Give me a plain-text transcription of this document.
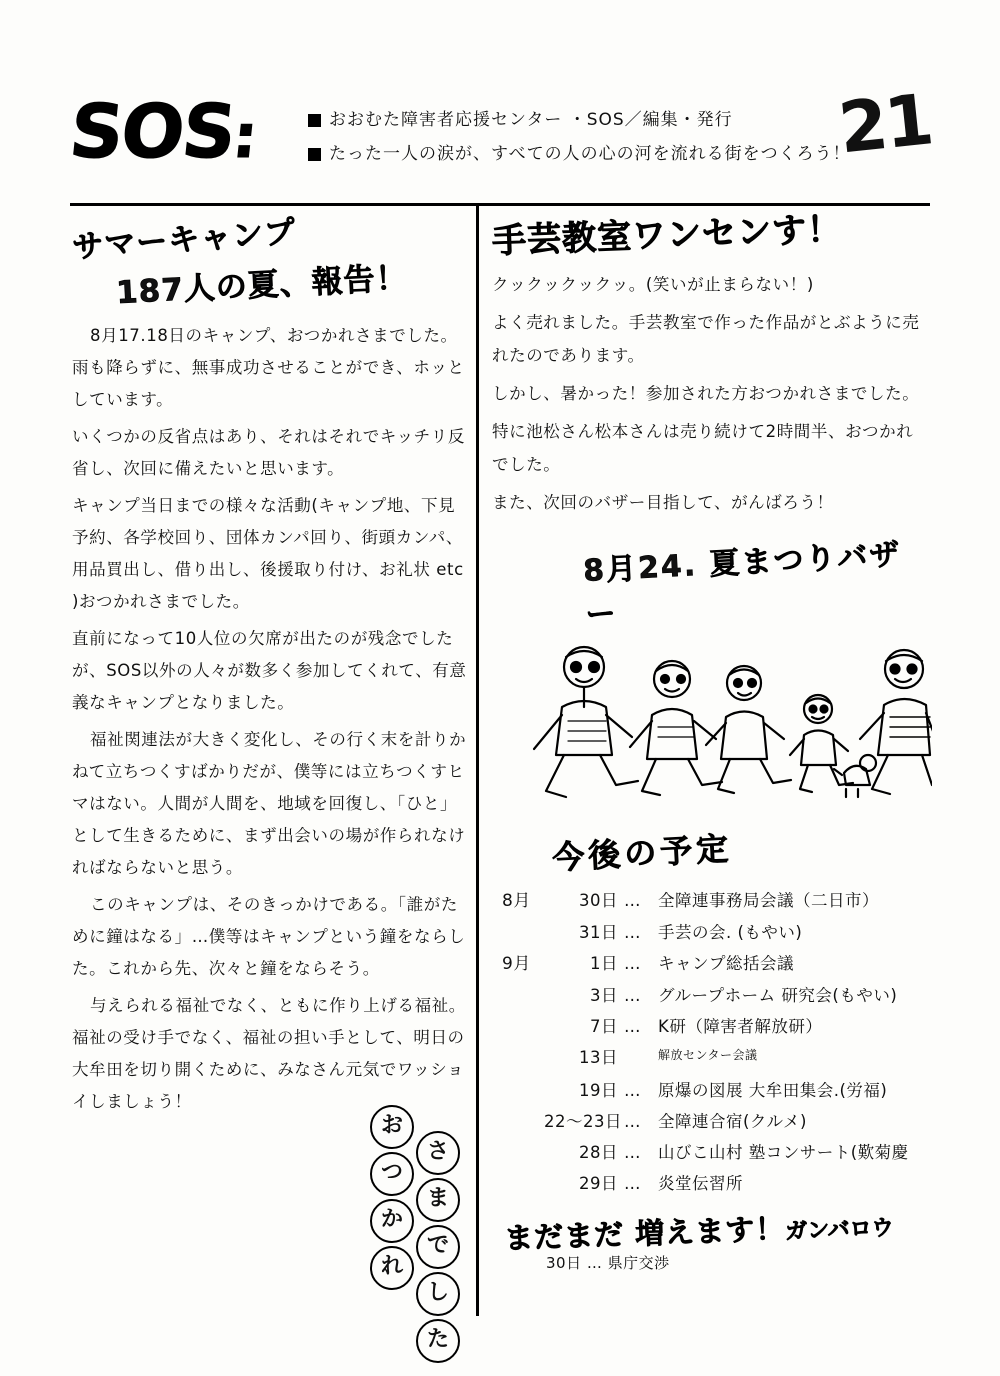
SOS:	おおむた障害者応援センター ・SOS／編集・発行
たった一人の涙が、すべての人の心の河を流れる街をつくろう！
21
サマーキャンプ
187人の夏、報告！

8月17.18日のキャンプ、おつかれさまでした。雨も降らずに、無事成功させることができ、ホッとしています。

いくつかの反省点はあり、それはそれでキッチリ反省し、次回に備えたいと思います。

キャンプ当日までの様々な活動(キャンプ地、下見予約、各学校回り、団体カンパ回り、街頭カンパ、用品買出し、借り出し、後援取り付け、お礼状 etc )おつかれさまでした。

直前になって10人位の欠席が出たのが残念でしたが、SOS以外の人々が数多く参加してくれて、有意義なキャンプとなりました。

福祉関連法が大きく変化し、その行く末を計りかねて立ちつくすばかりだが、僕等には立ちつくすヒマはない。人間が人間を、地域を回復し、「ひと」として生きるために、まず出会いの場が作られなければならないと思う。

このキャンプは、そのきっかけである。「誰がために鐘はなる」…僕等はキャンプという鐘をならした。これから先、次々と鐘をならそう。

与えられる福祉でなく、ともに作り上げる福祉。福祉の受け手でなく、福祉の担い手として、明日の大牟田を切り開くために、みなさん元気でワッショイしましょう！

お
つ
か
れ
さ
ま
で
し
た
手芸教室ワンセンす！

クックックックッ。(笑いが止まらない！)

よく売れました。手芸教室で作った作品がとぶように売れたのであります。

しかし、暑かった！参加された方おつかれさまでした。

特に池松さん松本さんは売り続けて2時間半、おつかれでした。

また、次回のバザー目指して、がんばろう！

8月24. 夏まつりバザー
今後の予定
8月	30日 …	全障連事務局会議（二日市）
31日 …	手芸の会. (もやい)
9月	1日 …	キャンプ総括会議
3日 …	グループホーム 研究会(もやい)
7日 …	K研（障害者解放研）
13日	解放センター会議
19日 …	原爆の図展 大牟田集会.(労福)
22〜23日 …	全障連合宿(クルメ)
28日 …	山びこ山村 塾コンサート(歎菊慶
29日 …	炎堂伝習所
まだまだ 増えます！ガンバロウ
30日 … 県庁交渉
